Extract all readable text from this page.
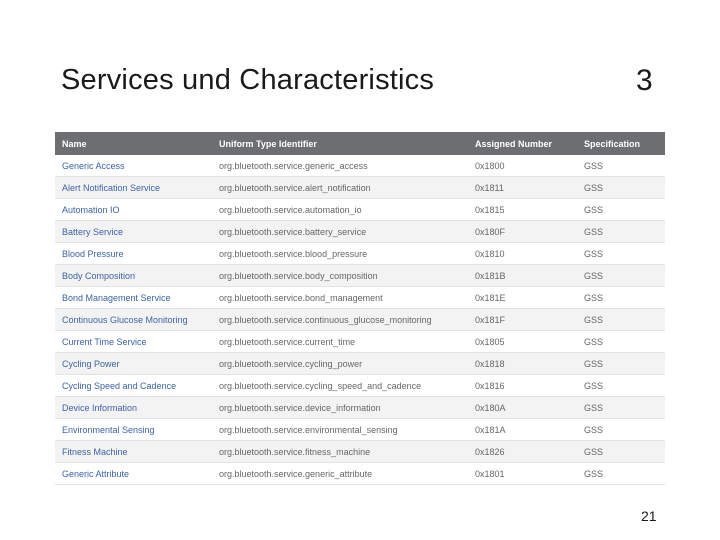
Services und Characteristics	3
Name	Uniform Type Identifier	Assigned Number	Specification
Generic Access	org.bluetooth.service.generic_access	0x1800	GSS
Alert Notification Service	org.bluetooth.service.alert_notification	0x1811	GSS
Automation IO	org.bluetooth.service.automation_io	0x1815	GSS
Battery Service	org.bluetooth.service.battery_service	0x180F	GSS
Blood Pressure	org.bluetooth.service.blood_pressure	0x1810	GSS
Body Composition	org.bluetooth.service.body_composition	0x181B	GSS
Bond Management Service	org.bluetooth.service.bond_management	0x181E	GSS
Continuous Glucose Monitoring	org.bluetooth.service.continuous_glucose_monitoring	0x181F	GSS
Current Time Service	org.bluetooth.service.current_time	0x1805	GSS
Cycling Power	org.bluetooth.service.cycling_power	0x1818	GSS
Cycling Speed and Cadence	org.bluetooth.service.cycling_speed_and_cadence	0x1816	GSS
Device Information	org.bluetooth.service.device_information	0x180A	GSS
Environmental Sensing	org.bluetooth.service.environmental_sensing	0x181A	GSS
Fitness Machine	org.bluetooth.service.fitness_machine	0x1826	GSS
Generic Attribute	org.bluetooth.service.generic_attribute	0x1801	GSS
21
